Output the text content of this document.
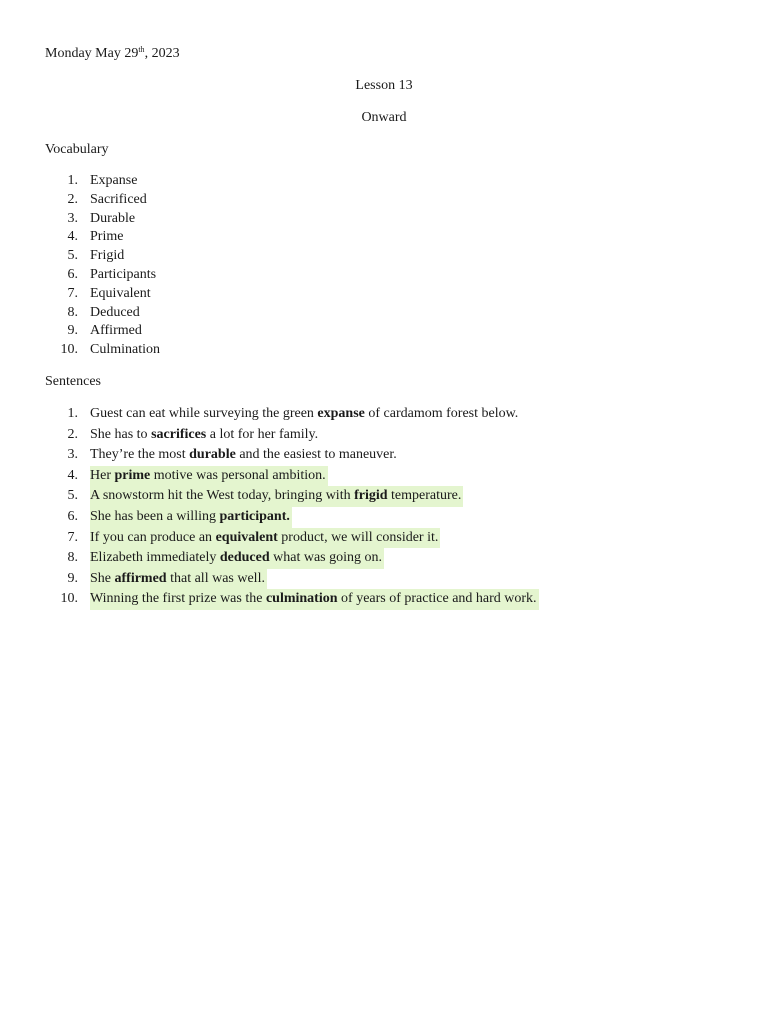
Monday May 29th, 2023
Lesson 13
Onward
Vocabulary
1. Expanse
2. Sacrificed
3. Durable
4. Prime
5. Frigid
6. Participants
7. Equivalent
8. Deduced
9. Affirmed
10. Culmination
Sentences
1. Guest can eat while surveying the green expanse of cardamom forest below.
2. She has to sacrifices a lot for her family.
3. They’re the most durable and the easiest to maneuver.
4. Her prime motive was personal ambition.
5. A snowstorm hit the West today, bringing with frigid temperature.
6. She has been a willing participant.
7. If you can produce an equivalent product, we will consider it.
8. Elizabeth immediately deduced what was going on.
9. She affirmed that all was well.
10. Winning the first prize was the culmination of years of practice and hard work.
